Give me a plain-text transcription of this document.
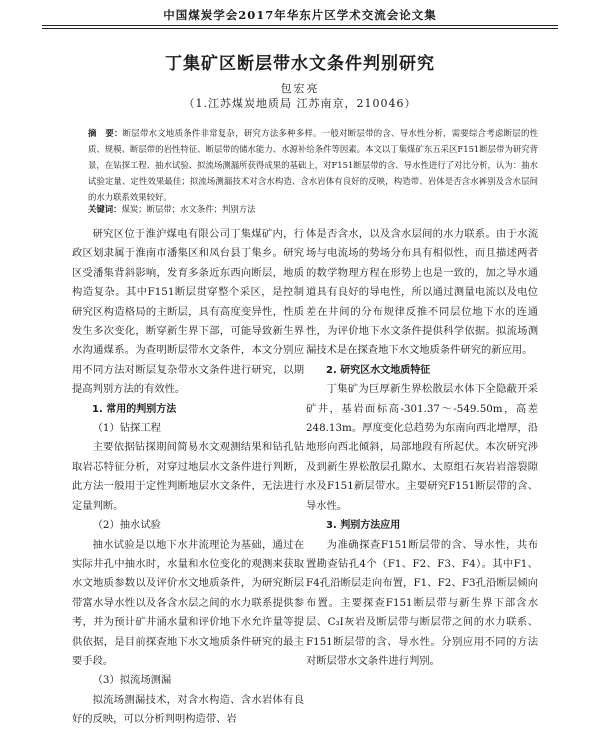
中国煤炭学会2017年华东片区学术交流会论文集
丁集矿区断层带水文条件判别研究
包宏亮
（1.江苏煤炭地质局 江苏南京，210046）
摘　要：断层带水文地质条件非常复杂，研究方法多种多样。一般对断层带的含、导水性分析，需要综合考虑断层的性质、规模、断层带的岩性特征、断层带的储水能力、水源补给条件等因素。本文以丁集煤矿东五采区F151断层带为研究背景，在钻探工程、抽水试验、拟流场测漏所获得成果的基础上，对F151断层带的含、导水性进行了对比分析，认为：抽水试验定量、定性效果最佳；拟流场测漏技术对含水构造、含水岩体有良好的反映，构造带、岩体是否含水裤别及含水层间的水力联系效果较好。
关键词：煤炭；断层带；水文条件；判别方法

研究区位于淮沪煤电有限公司丁集煤矿内，行政区划隶属于淮南市潘集区和凤台县丁集乡。研究区受潘集背斜影响，发育多条近东西向断层，地质构造复杂。其中F151断层贯穿整个采区，是控制研究区构造格局的主断层，具有高度变异性，性质发生多次变化，断穿新生界下部，可能导致新生界水沟通煤系。为查明断层带水文条件，本文分别应用不同方法对断层复杂带水文条件进行研究，以期提高判别方法的有效性。

1. 常用的判别方法

（1）钻探工程

主要依据钻探期间简易水文观测结果和钻孔钻取岩芯特征分析，对穿过地层水文条件进行判断，此方法一般用于定性判断地层水文条件，无法进行定量判断。

（2）抽水试验

抽水试验是以地下水井流理论为基础，通过在实际井孔中抽水时，水量和水位变化的观测来获取水文地质参数以及评价水文地质条件，为研究断层带富水导水性以及各含水层之间的水力联系提供参考，并为预计矿井涌水量和评价地下水允许量等提供依据，是目前探查地下水文地质条件研究的最主要手段。

（3）拟流场测漏

拟流场测漏技术，对含水构造、含水岩体有良好的反映，可以分析判明构造带、岩

体是否含水，以及含水层间的水力联系。由于水流场与电流场的势场分布具有相似性，而且描述两者的数学物理方程在形势上也是一致的，加之导水通道具有良好的导电性，所以通过测量电流以及电位差在井间的分布规律反推不同层位地下水的连通性，为评价地下水文条件提供科学依据。拟流场测漏技术是在探查地下水文地质条件研究的新应用。

2. 研究区水文地质特征

丁集矿为巨厚新生界松散层水体下全隐蔽开采矿井，基岩面标高-301.37～-549.50m，高差248.13m。厚度变化总趋势为东南向西北增厚，沿地形向西北倾斜，局部地段有所起伏。本次研究涉及到新生界松散层孔隙水、太原组石灰岩岩溶裂隙水及F151新层带水。主要研究F151断层带的含、导水性。

3. 判别方法应用

为准确探查F151断层带的含、导水性，共布置勘查钻孔4个（F1、F2、F3、F4）。其中F1、F4孔沿断层走向布置，F1、F2、F3孔沿断层倾向布置。主要探查F151断层带与新生界下部含水层、C₃I灰岩及断层带与断层带之间的水力联系、F151断层带的含、导水性。分别应用不同的方法对断层带水文条件进行判别。
